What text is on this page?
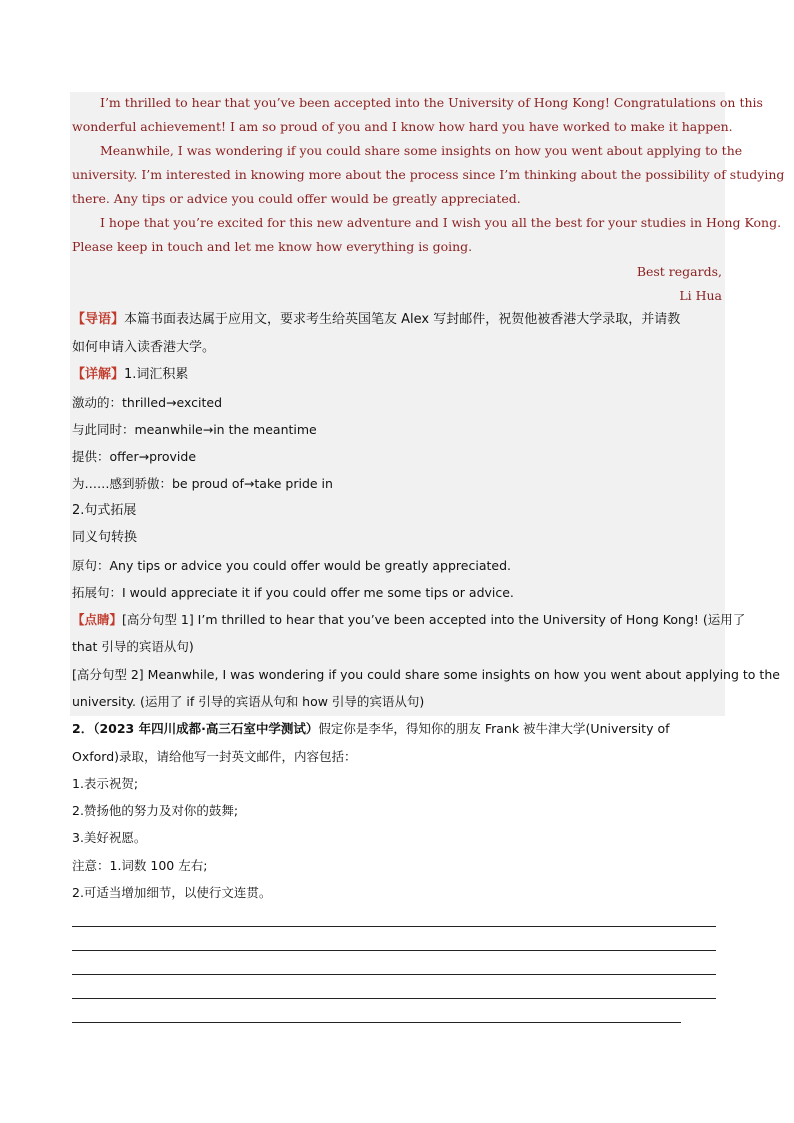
I’m thrilled to hear that you’ve been accepted into the University of Hong Kong! Congratulations on this
wonderful achievement! I am so proud of you and I know how hard you have worked to make it happen.
Meanwhile, I was wondering if you could share some insights on how you went about applying to the
university. I’m interested in knowing more about the process since I’m thinking about the possibility of studying
there. Any tips or advice you could offer would be greatly appreciated.
I hope that you’re excited for this new adventure and I wish you all the best for your studies in Hong Kong.
Please keep in touch and let me know how everything is going.
Best regards,
Li Hua
【导语】本篇书面表达属于应用文，要求考生给英国笔友 Alex 写封邮件，祝贺他被香港大学录取，并请教
如何申请入读香港大学。
【详解】1.词汇积累
激动的：thrilled→excited
与此同时：meanwhile→in the meantime
提供：offer→provide
为……感到骄傲：be proud of→take pride in
2.句式拓展
同义句转换
原句：Any tips or advice you could offer would be greatly appreciated.
拓展句：I would appreciate it if you could offer me some tips or advice.
【点睛】[高分句型 1] I’m thrilled to hear that you’ve been accepted into the University of Hong Kong! (运用了
that 引导的宾语从句)
[高分句型 2] Meanwhile, I was wondering if you could share some insights on how you went about applying to the
university. (运用了 if 引导的宾语从句和 how 引导的宾语从句)
2．（2023 年四川成都·高三石室中学测试）假定你是李华，得知你的朋友 Frank 被牛津大学(University of
Oxford)录取，请给他写一封英文邮件，内容包括：
1.表示祝贺;
2.赞扬他的努力及对你的鼓舞;
3.美好祝愿。
注意：1.词数 100 左右;
2.可适当增加细节，以使行文连贯。
